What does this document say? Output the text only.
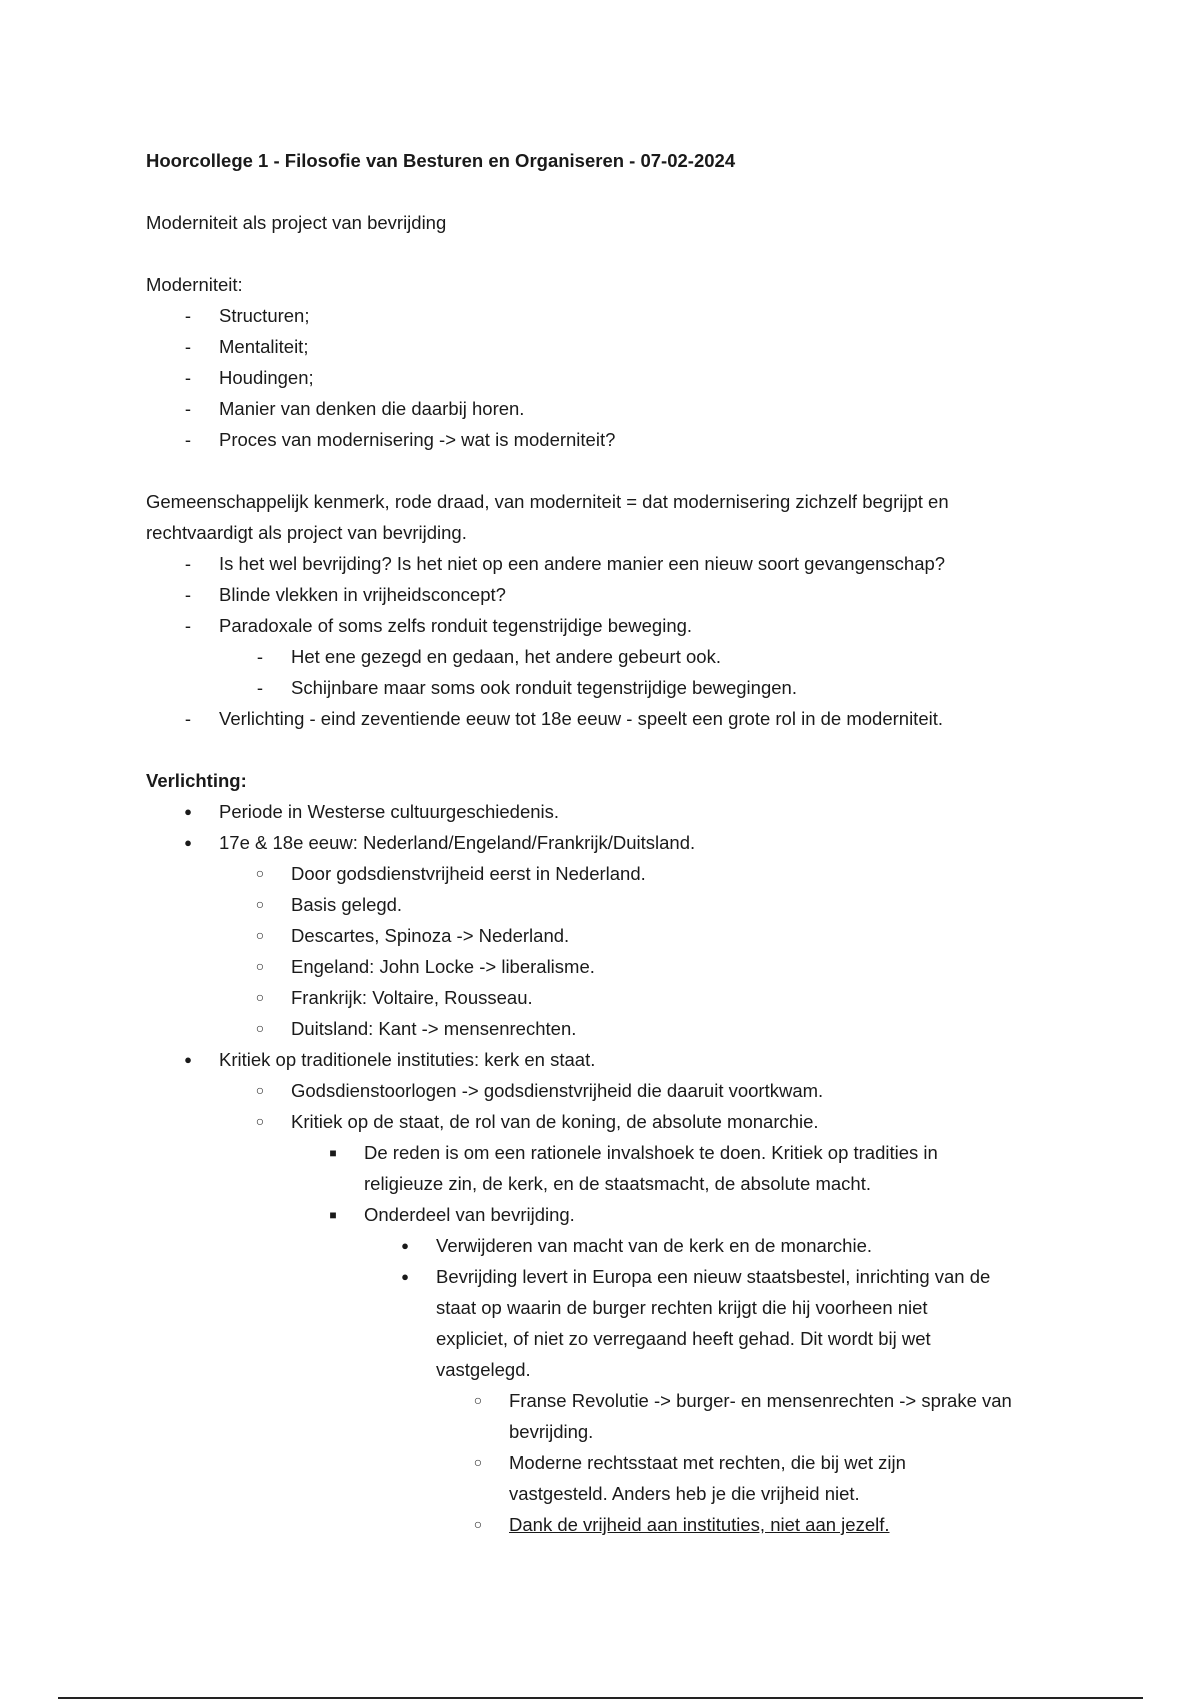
Hoorcollege 1 - Filosofie van Besturen en Organiseren - 07-02-2024
Moderniteit als project van bevrijding
Moderniteit:
-
Structuren;
-
Mentaliteit;
-
Houdingen;
-
Manier van denken die daarbij horen.
-
Proces van modernisering -> wat is moderniteit?
Gemeenschappelijk kenmerk, rode draad, van moderniteit = dat modernisering zichzelf begrijpt en
rechtvaardigt als project van bevrijding.
-
Is het wel bevrijding? Is het niet op een andere manier een nieuw soort gevangenschap?
-
Blinde vlekken in vrijheidsconcept?
-
Paradoxale of soms zelfs ronduit tegenstrijdige beweging.
-
Het ene gezegd en gedaan, het andere gebeurt ook.
-
Schijnbare maar soms ook ronduit tegenstrijdige bewegingen.
-
Verlichting - eind zeventiende eeuw tot 18e eeuw - speelt een grote rol in de moderniteit.
Verlichting:
●
Periode in Westerse cultuurgeschiedenis.
●
17e & 18e eeuw: Nederland/Engeland/Frankrijk/Duitsland.
○
Door godsdienstvrijheid eerst in Nederland.
○
Basis gelegd.
○
Descartes, Spinoza -> Nederland.
○
Engeland: John Locke -> liberalisme.
○
Frankrijk: Voltaire, Rousseau.
○
Duitsland: Kant -> mensenrechten.
●
Kritiek op traditionele instituties: kerk en staat.
○
Godsdienstoorlogen -> godsdienstvrijheid die daaruit voortkwam.
○
Kritiek op de staat, de rol van de koning, de absolute monarchie.
■
De reden is om een rationele invalshoek te doen. Kritiek op tradities in
religieuze zin, de kerk, en de staatsmacht, de absolute macht.
■
Onderdeel van bevrijding.
●
Verwijderen van macht van de kerk en de monarchie.
●
Bevrijding levert in Europa een nieuw staatsbestel, inrichting van de
staat op waarin de burger rechten krijgt die hij voorheen niet
expliciet, of niet zo verregaand heeft gehad. Dit wordt bij wet
vastgelegd.
○
Franse Revolutie -> burger- en mensenrechten -> sprake van
bevrijding.
○
Moderne rechtsstaat met rechten, die bij wet zijn
vastgesteld. Anders heb je die vrijheid niet.
○
Dank de vrijheid aan instituties, niet aan jezelf.
